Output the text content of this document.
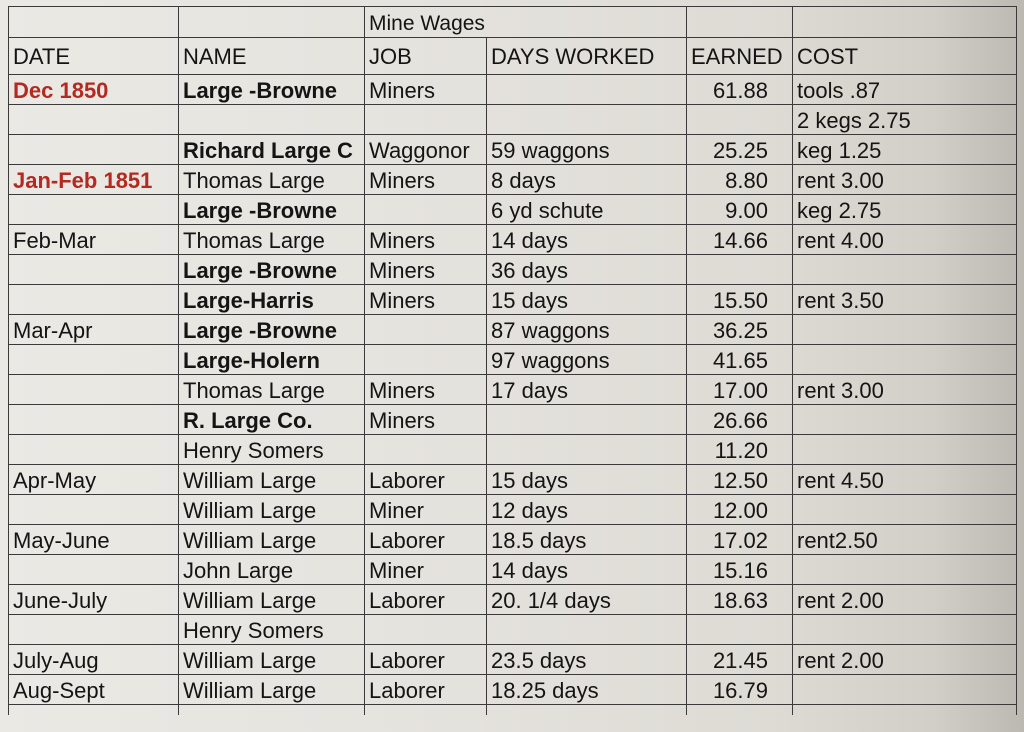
		Mine Wages			
DATE	NAME	JOB	DAYS WORKED	EARNED	COST
Dec 1850	Large -Browne	Miners		61.88	tools .87
					2 kegs 2.75
	Richard Large C	Waggonor	59 waggons	25.25	keg 1.25
Jan-Feb 1851	Thomas Large	Miners	8 days	8.80	rent 3.00
	Large -Browne		6 yd schute	9.00	keg 2.75
Feb-Mar	Thomas Large	Miners	14 days	14.66	rent 4.00
	Large -Browne	Miners	36 days		
	Large-Harris	Miners	15 days	15.50	rent 3.50
Mar-Apr	Large -Browne		87 waggons	36.25	
	Large-Holern		97 waggons	41.65	
	Thomas Large	Miners	17 days	17.00	rent 3.00
	R. Large Co.	Miners		26.66	
	Henry Somers			11.20	
Apr-May	William Large	Laborer	15 days	12.50	rent 4.50
	William Large	Miner	12 days	12.00	
May-June	William Large	Laborer	18.5 days	17.02	rent2.50
	John Large	Miner	14 days	15.16	
June-July	William Large	Laborer	20. 1/4 days	18.63	rent 2.00
	Henry Somers				
July-Aug	William Large	Laborer	23.5 days	21.45	rent 2.00
Aug-Sept	William Large	Laborer	18.25 days	16.79	
